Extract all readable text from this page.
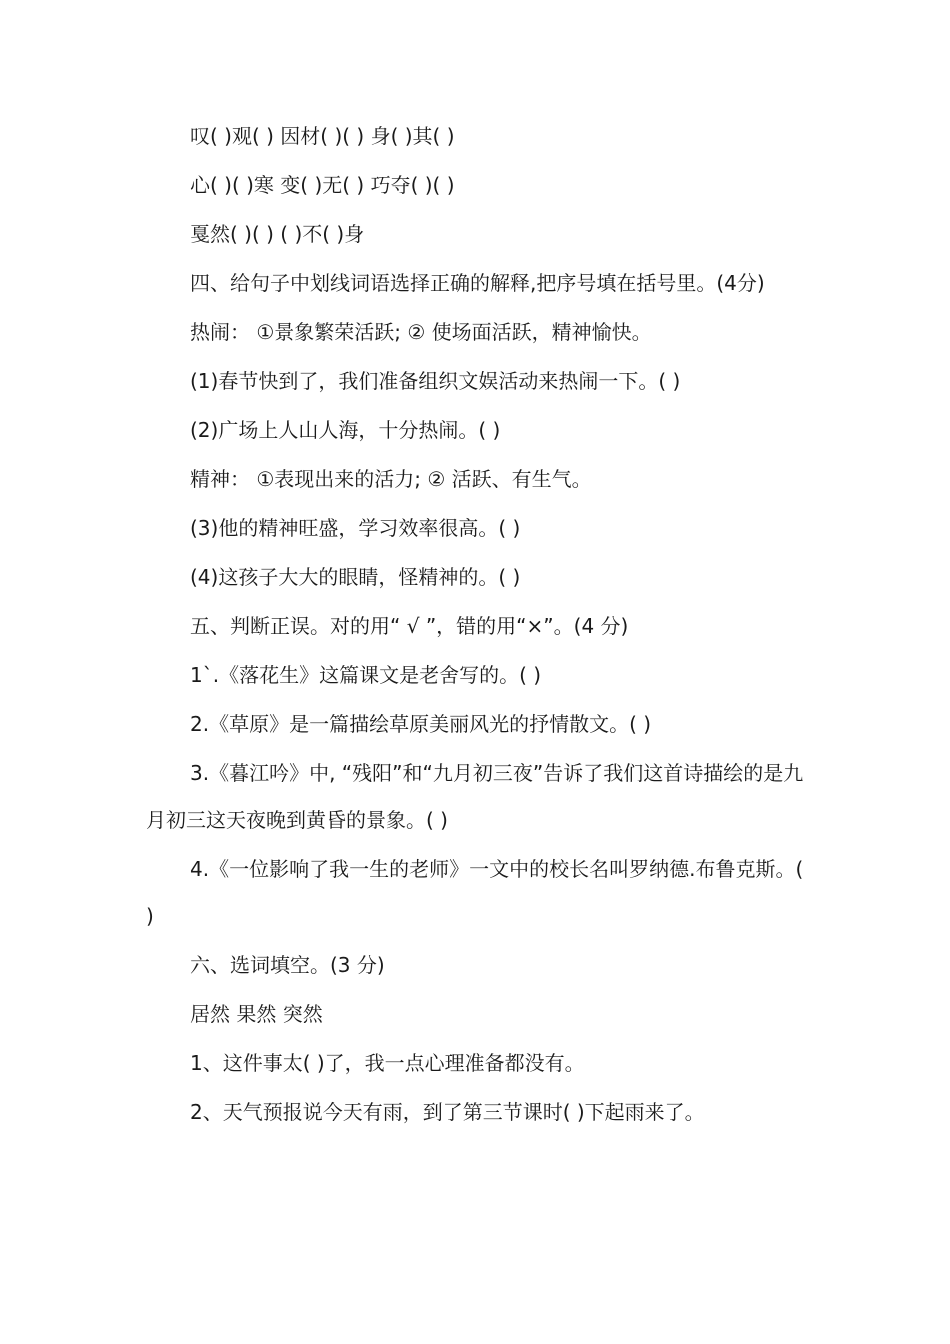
叹( )观( ) 因材( )( ) 身( )其( )
心( )( )寒 变( )无( ) 巧夺( )( )
戛然( )( ) ( )不( )身

四、给句子中划线词语选择正确的解释,把序号填在括号里。(4分)

热闹： ①景象繁荣活跃; ② 使场面活跃，精神愉快。
(1)春节快到了，我们准备组织文娱活动来热闹一下。( )
(2)广场上人山人海，十分热闹。( )
精神： ①表现出来的活力; ② 活跃、有生气。
(3)他的精神旺盛，学习效率很高。( )
(4)这孩子大大的眼睛，怪精神的。( )
五、判断正误。对的用“ √ ”，错的用“×”。(4 分)
1`.《落花生》这篇课文是老舍写的。( )
2.《草原》是一篇描绘草原美丽风光的抒情散文。( )

3.《暮江吟》中, “残阳”和“九月初三夜”告诉了我们这首诗描绘的是九月初三这天夜晚到黄昏的景象。( )

4.《一位影响了我一生的老师》一文中的校长名叫罗纳德.布鲁克斯。( )

六、选词填空。(3 分)
居然 果然 突然
1、这件事太( )了，我一点心理准备都没有。
2、天气预报说今天有雨，到了第三节课时( )下起雨来了。
